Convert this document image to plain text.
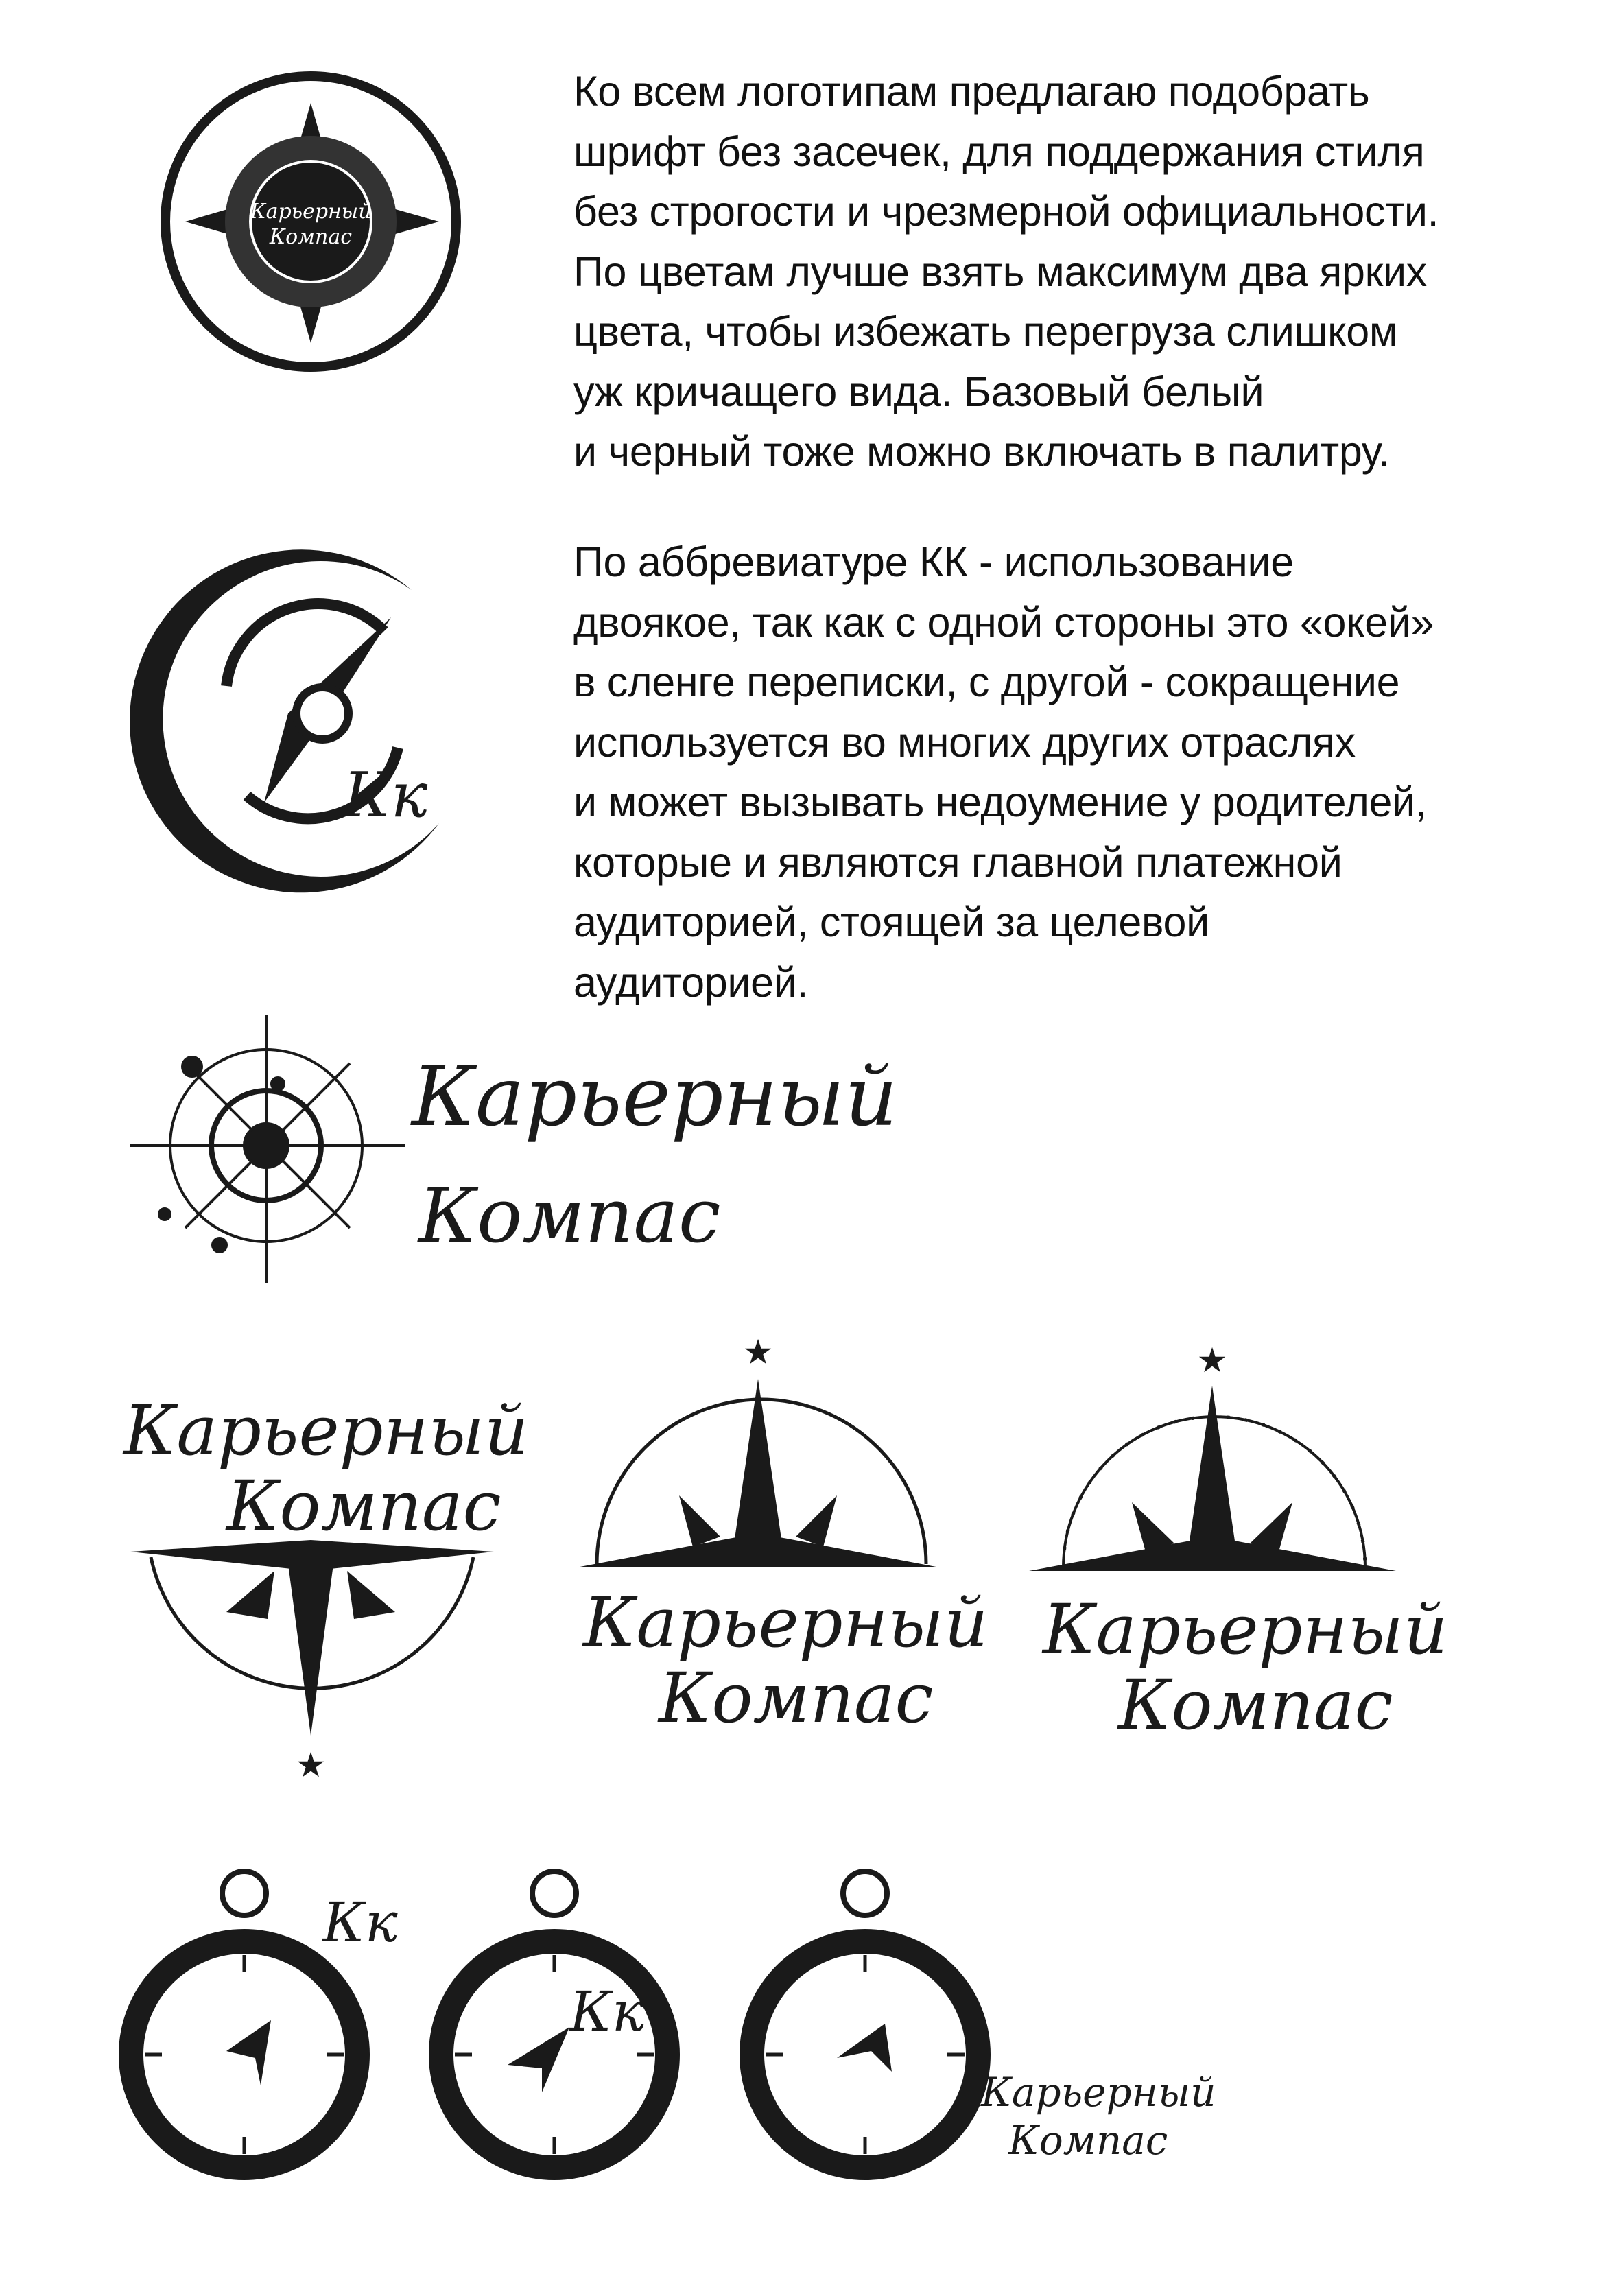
Ко всем логотипам предлагаю подобрать
шрифт без засечек, для поддержания стиля
без строгости и чрезмерной официальности.
По цветам лучше взять максимум два ярких
цвета, чтобы избежать перегруза слишком
уж кричащего вида. Базовый белый
и черный тоже можно включать в палитру.
По аббревиатуре КК - использование
двоякое, так как с одной стороны это «окей»
в сленге переписки, с другой - сокращение
используется во многих других отраслях
и может вызывать недоумение у родителей,
которые и являются главной платежной
аудиторией, стоящей за целевой
аудиторией.
Карьерный
Компас
Кк
Карьерный
Компас
Карьерный
Компас
★
★
Карьерный
Компас
★
Карьерный
Компас
Кк
Кк
Карьерный
Компас
